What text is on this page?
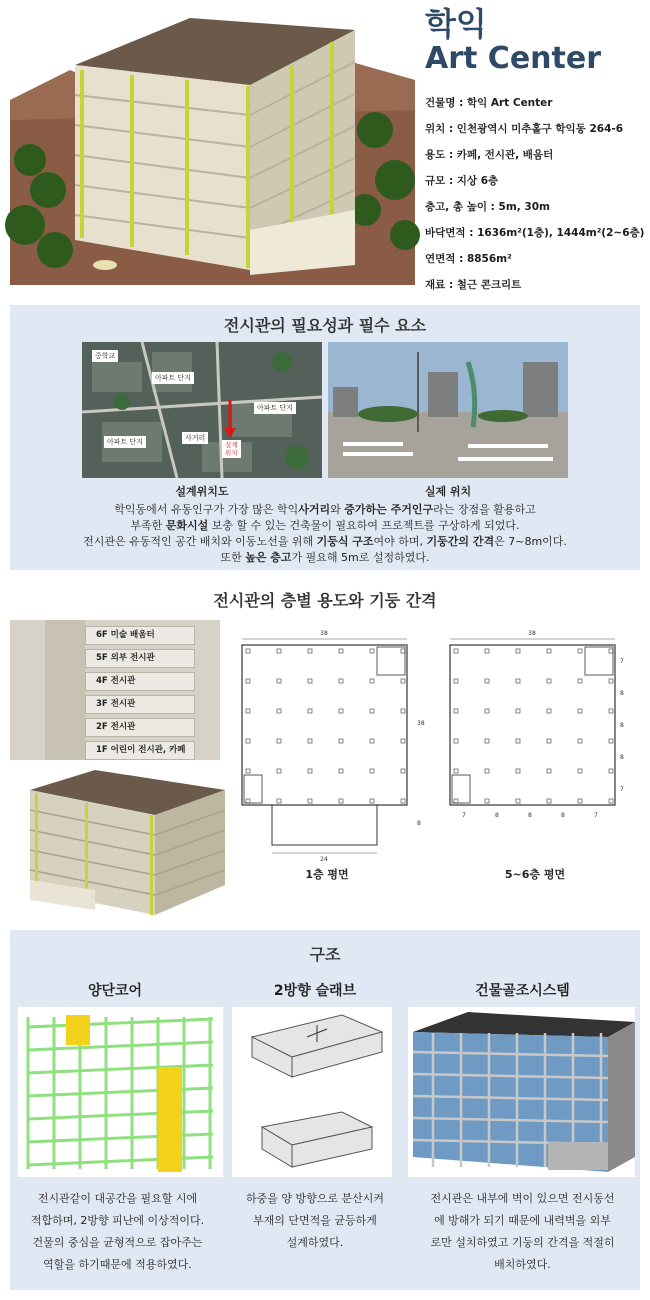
학익
Art Center
건물명 : 학익 Art Center
위치 : 인천광역시 미추홀구 학익동 264-6
용도 : 카페, 전시관, 배움터
규모 : 지상 6층
층고, 총 높이 : 5m, 30m
바닥면적 : 1636m²(1층), 1444m²(2~6층)
연면적 : 8856m²
재료 : 철근 콘크리트
전시관의 필요성과 필수 요소
중학교
아파트 단지
아파트 단지
아파트 단지	사거리
설계
위치
설계위치도	실제 위치
학익동에서 유동인구가 가장 많은 학익사거리와 증가하는 주거인구라는 장점을 활용하고
부족한 문화시설 보충 할 수 있는 건축물이 필요하여 프로젝트를 구상하게 되었다.
전시관은 유동적인 공간 배치와 이동노선을 위해 기둥식 구조여야 하며, 기둥간의 간격은 7~8m이다.
또한 높은 층고가 필요해 5m로 설정하였다.
전시관의 층별 용도와 기둥 간격
6F 미술 배움터
5F 외부 전시관
4F 전시관
3F 전시관
2F 전시관
1F 어린이 전시관, 카페
38
38
8
24
1층 평면
38
7
8
8
8
7
7	8	8	8	7
5~6층 평면
구조
양단코어	2방향 슬래브	건물골조시스템
전시관같이 대공간을 필요할 시에
적합하며, 2방향 피난에 이상적이다.
건물의 중심을 균형적으로 잡아주는
역할을 하기때문에 적용하였다.
하중을 양 방향으로 분산시켜
부재의 단면적을 균등하게
설계하였다.
전시관은 내부에 벽이 있으면 전시동선
에 방해가 되기 때문에 내력벽을 외부
로만 설치하였고 기둥의 간격을 적절히
배치하였다.
